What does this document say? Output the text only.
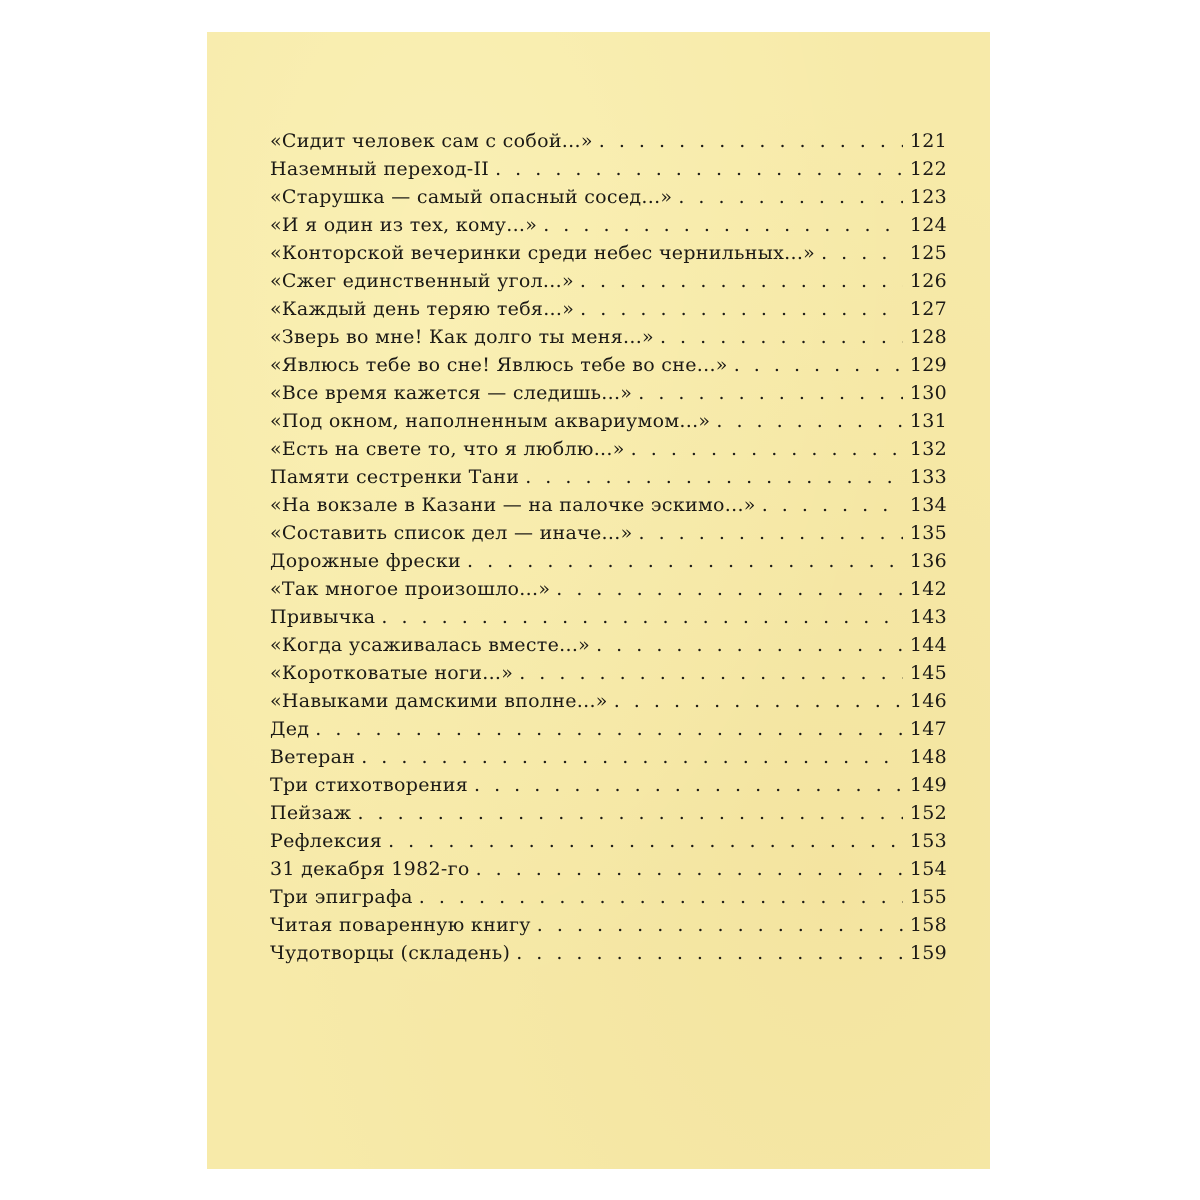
«Сидит человек сам с собой...» . . .	121
Наземный переход-II . . .	122
«Старушка — самый опасный сосед...» . . .	123
«И я один из тех, кому...» . . .	124
«Конторской вечеринки среди небес чернильных...» . . .	125
«Сжег единственный угол...» . . .	126
«Каждый день теряю тебя...» . . .	127
«Зверь во мне! Как долго ты меня...» . . .	128
«Явлюсь тебе во сне! Явлюсь тебе во сне...» . . .	129
«Все время кажется — следишь...» . . .	130
«Под окном, наполненным аквариумом...» . . .	131
«Есть на свете то, что я люблю...» . . .	132
Памяти сестренки Тани . . .	133
«На вокзале в Казани — на палочке эскимо...» . . .	134
«Составить список дел — иначе...» . . .	135
Дорожные фрески . . .	136
«Так многое произошло...» . . .	142
Привычка . . .	143
«Когда усаживалась вместе...» . . .	144
«Коротковатые ноги...» . . .	145
«Навыками дамскими вполне...» . . .	146
Дед . . .	147
Ветеран . . .	148
Три стихотворения . . .	149
Пейзаж . . .	152
Рефлексия . . .	153
31 декабря 1982-го . . .	154
Три эпиграфа . . .	155
Читая поваренную книгу . . .	158
Чудотворцы (складень) . . .	159
